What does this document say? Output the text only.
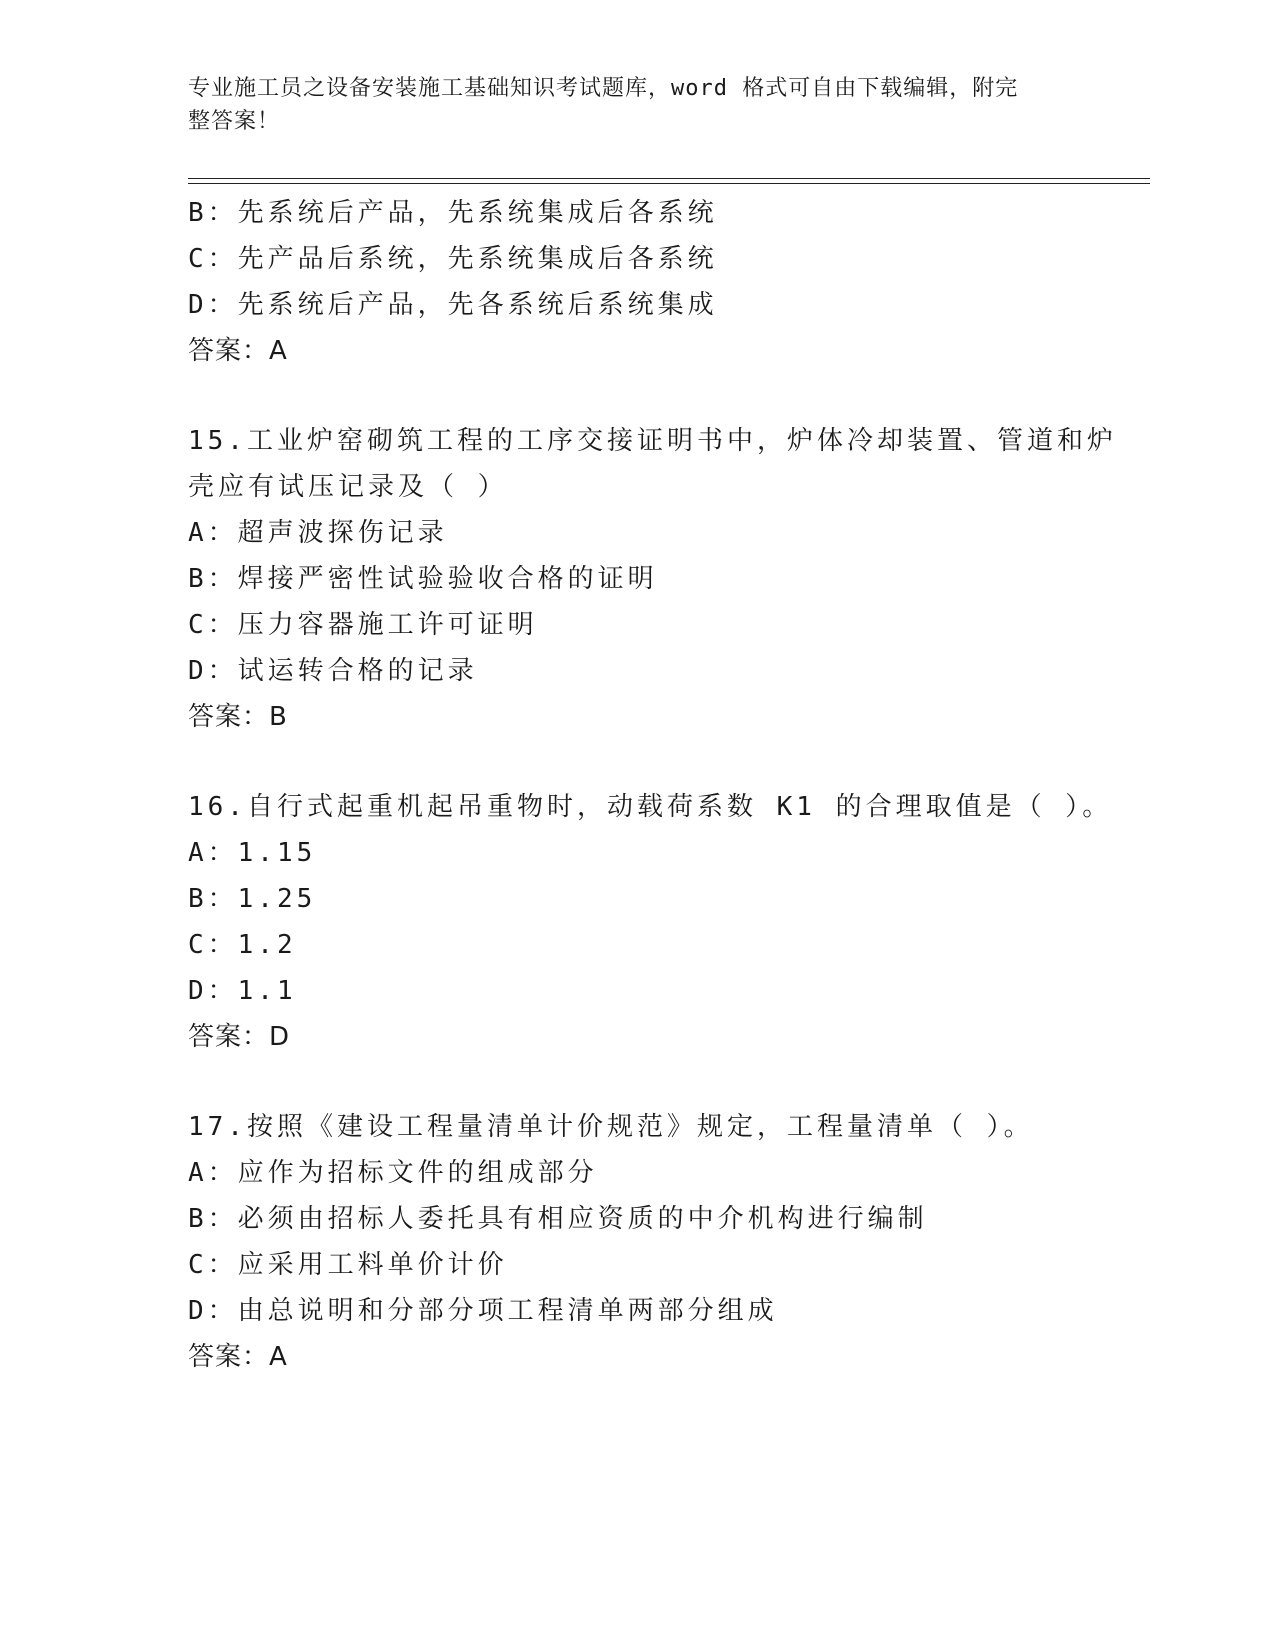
专业施工员之设备安装施工基础知识考试题库，word 格式可自由下载编辑，附完
整答案！
B：先系统后产品，先系统集成后各系统
C：先产品后系统，先系统集成后各系统
D：先系统后产品，先各系统后系统集成
答案：A
15.工业炉窑砌筑工程的工序交接证明书中，炉体冷却装置、管道和炉
壳应有试压记录及（ ）
A：超声波探伤记录
B：焊接严密性试验验收合格的证明
C：压力容器施工许可证明
D：试运转合格的记录
答案：B
16.自行式起重机起吊重物时，动载荷系数 K1 的合理取值是（ ）。
A：1.15
B：1.25
C：1.2
D：1.1
答案：D
17.按照《建设工程量清单计价规范》规定，工程量清单（ ）。
A：应作为招标文件的组成部分
B：必须由招标人委托具有相应资质的中介机构进行编制
C：应采用工料单价计价
D：由总说明和分部分项工程清单两部分组成
答案：A
